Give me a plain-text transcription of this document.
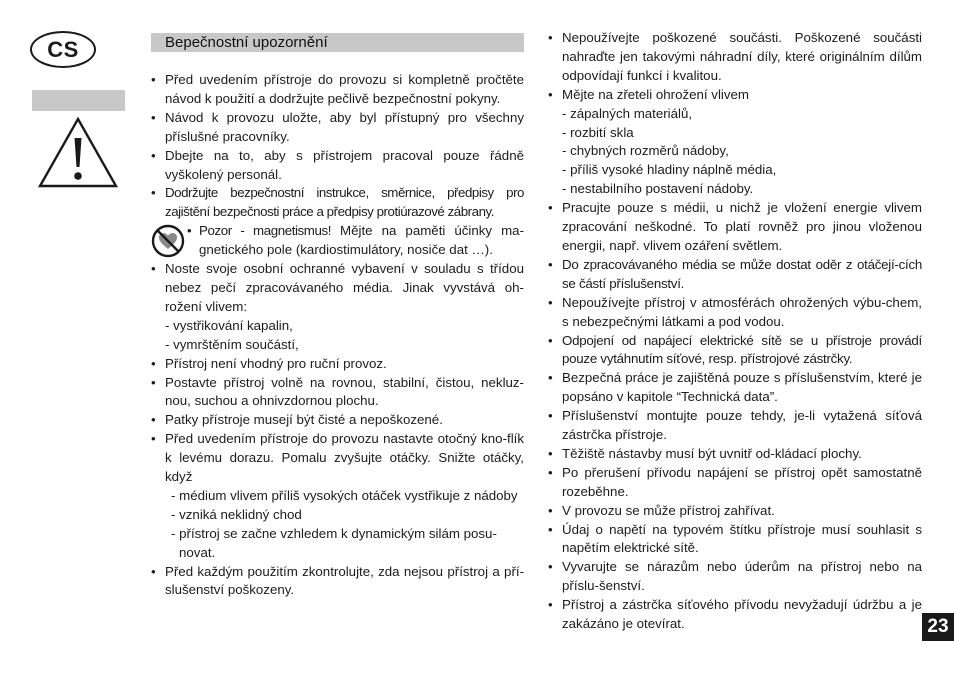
CS	Bepečnostní upozornění
• Před uvedením přístroje do provozu si kompletně pročtěte návod k použití a dodržujte pečlivě bezpečnostní pokyny.
• Návod k provozu uložte, aby byl přístupný pro všechny příslušné pracovníky.
• Dbejte na to, aby s přístrojem pracoval pouze řádně vyškolený personál.
• Dodržujte bezpečnostní instrukce, směrnice, předpisy pro zajištění bezpečnosti práce a předpisy protiúrazové zábrany.
• Pozor - magnetismus! Mějte na paměti účinky ma-gnetického pole (kardiostimulátory, nosiče dat …).
• Noste svoje osobní ochranné vybavení v souladu s třídou nebez pečí zpracovávaného média. Jinak vyvstává oh-rožení vlivem:
- vystřikování kapalin,
- vymrštěním součástí,
• Přístroj není vhodný pro ruční provoz.
• Postavte přístroj volně na rovnou, stabilní, čistou, nekluz-nou, suchou a ohnivzdornou plochu.
• Patky přístroje musejí být čisté a nepoškozené.
• Před uvedením přístroje do provozu nastavte otočný kno-flík k levému dorazu. Pomalu zvyšujte otáčky. Snižte otáčky, když
- médium vlivem příliš vysokých otáček vystřikuje z nádoby
- vzniká neklidný chod
- přístroj se začne vzhledem k dynamickým silám posu-novat.
• Před každým použitím zkontrolujte, zda nejsou přístroj a pří- slušenství poškozeny.
• Nepoužívejte poškozené součásti. Poškozené součásti nahraďte jen takovými náhradní díly, které originálním dílům odpovídají funkcí i kvalitou.
• Mějte na zřeteli ohrožení vlivem
- zápalných materiálů,
- rozbití skla
- chybných rozměrů nádoby,
- příliš vysoké hladiny náplně média,
- nestabilního postavení nádoby.
• Pracujte pouze s médii, u nichž je vložení energie vlivem zpracování neškodné. To platí rovněž pro jinou vloženou energii, např. vlivem ozáření světlem.
• Do zpracovávaného média se může dostat oděr z otáčejí-cích se částí příslušenství.
• Nepoužívejte přístroj v atmosférách ohrožených výbu-chem, s nebezpečnými látkami a pod vodou.
• Odpojení od napájecí elektrické sítě se u přístroje provádí pouze vytáhnutím síťové, resp. přístrojové zástrčky.
• Bezpečná práce je zajištěná pouze s příslušenstvím, které je popsáno v kapitole “Technická data”.
• Příslušenství montujte pouze tehdy, je-li vytažená síťová zástrčka přístroje.
• Těžiště nástavby musí být uvnitř od-kládací plochy.
• Po přerušení přívodu napájení se přístroj opět samostatně rozeběhne.
• V provozu se může přístroj zahřívat.
• Údaj o napětí na typovém štítku přístroje musí souhlasit s napětím elektrické sítě.
• Vyvarujte se nárazům nebo úderům na přístroj nebo na příslu-šenství.
• Přístroj a zástrčka síťového přívodu nevyžadují údržbu a je zakázáno je otevírat.	23
